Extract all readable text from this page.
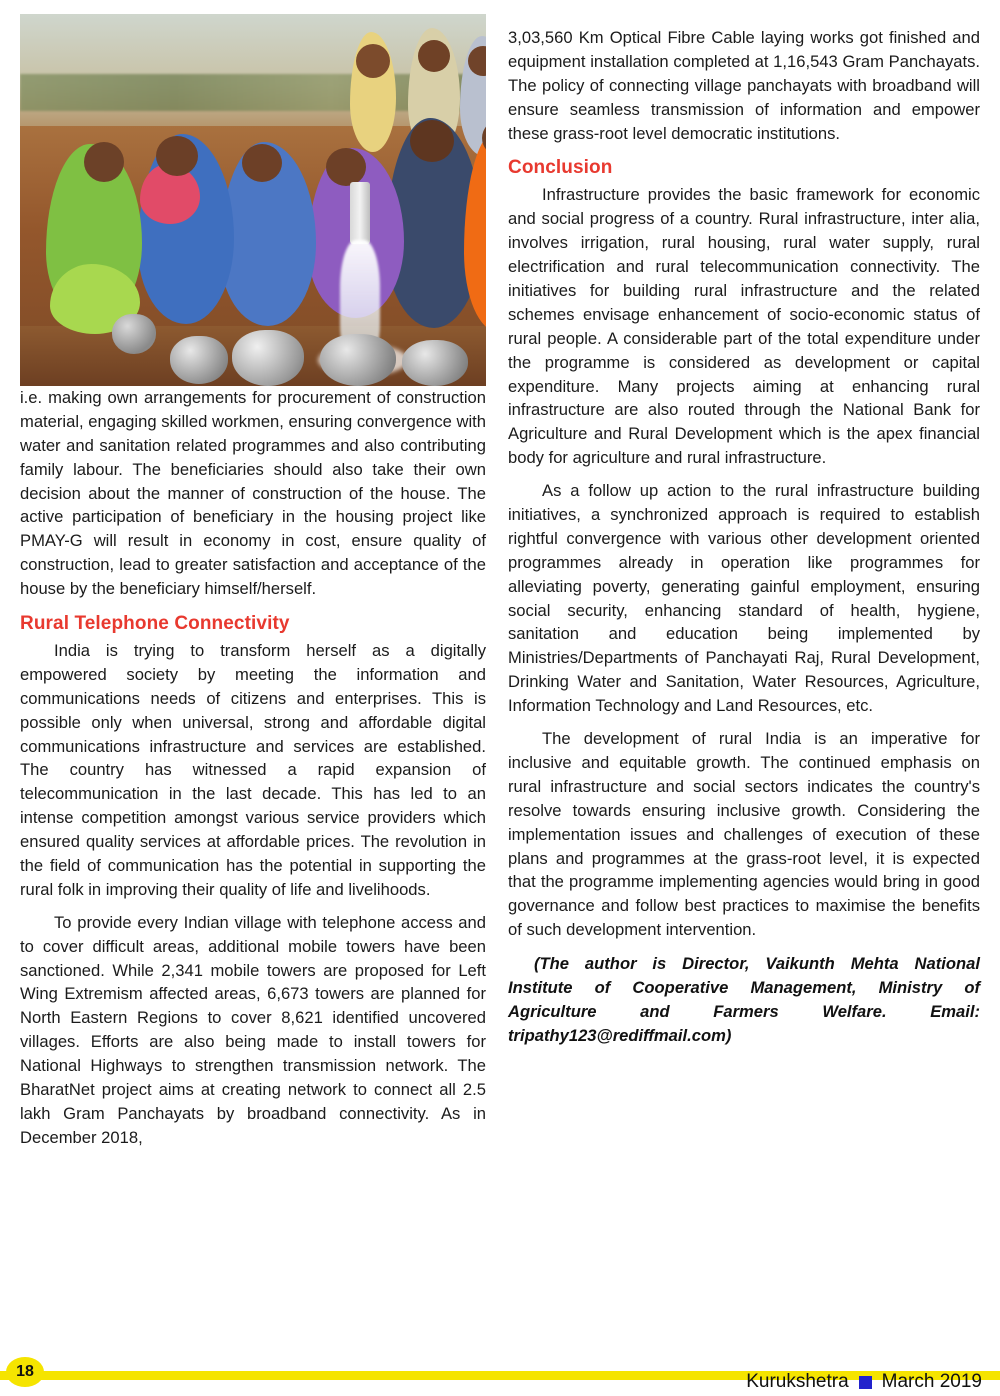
i.e. making own arrangements for procurement of construction material, engaging skilled workmen, ensuring convergence with water and sanitation related programmes and also contributing family labour. The beneficiaries should also take their own decision about the manner of construction of the house. The active participation of beneficiary in the housing project like PMAY-G will result in economy in cost, ensure quality of construction, lead to greater satisfaction and acceptance of the house by the beneficiary himself/herself.

Rural Telephone Connectivity

India is trying to transform herself as a digitally empowered society by meeting the information and communications needs of citizens and enterprises. This is possible only when universal, strong and affordable digital communications infrastructure and services are established. The country has witnessed a rapid expansion of telecommunication in the last decade. This has led to an intense competition amongst various service providers which ensured quality services at affordable prices. The revolution in the field of communication has the potential in supporting the rural folk in improving their quality of life and livelihoods.

To provide every Indian village with telephone access and to cover difficult areas, additional mobile towers have been sanctioned. While 2,341 mobile towers are proposed for Left Wing Extremism affected areas, 6,673 towers are planned for North Eastern Regions to cover 8,621 identified uncovered villages. Efforts are also being made to install towers for National Highways to strengthen transmission network. The BharatNet project aims at creating network to connect all 2.5 lakh Gram Panchayats by broadband connectivity. As in December 2018,

3,03,560 Km Optical Fibre Cable laying works got finished and equipment installation completed at 1,16,543 Gram Panchayats. The policy of connecting village panchayats with broadband will ensure seamless transmission of information and empower these grass-root level democratic institutions.

Conclusion

Infrastructure provides the basic framework for economic and social progress of a country. Rural infrastructure, inter alia, involves irrigation, rural housing, rural water supply, rural electrification and rural telecommunication connectivity. The initiatives for building rural infrastructure and the related schemes envisage enhancement of socio-economic status of rural people. A considerable part of the total expenditure under the programme is considered as development or capital expenditure. Many projects aiming at enhancing rural infrastructure are also routed through the National Bank for Agriculture and Rural Development which is the apex financial body for agriculture and rural infrastructure.

As a follow up action to the rural infrastructure building initiatives, a synchronized approach is required to establish rightful convergence with various other development oriented programmes already in operation like programmes for alleviating poverty, generating gainful employment, ensuring social security, enhancing standard of health, hygiene, sanitation and education being implemented by Ministries/Departments of Panchayati Raj, Rural Development, Drinking Water and Sanitation, Water Resources, Agriculture, Information Technology and Land Resources, etc.

The development of rural India is an imperative for inclusive and equitable growth. The continued emphasis on rural infrastructure and social sectors indicates the country's resolve towards ensuring inclusive growth. Considering the implementation issues and challenges of execution of these plans and programmes at the grass-root level, it is expected that the programme implementing agencies would bring in good governance and follow best practices to maximise the benefits of such development intervention.

(The author is Director, Vaikunth Mehta National Institute of Cooperative Management, Ministry of Agriculture and Farmers Welfare. Email: tripathy123@rediffmail.com)
18	Kurukshetra March 2019
